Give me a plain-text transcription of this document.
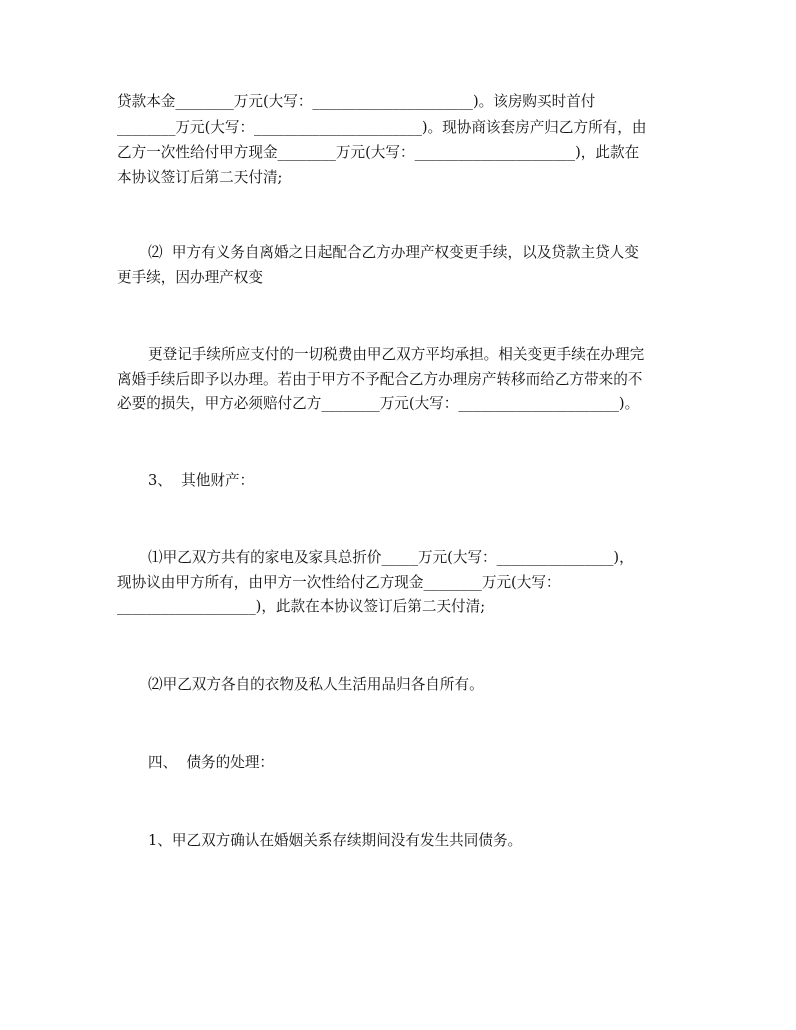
贷款本金________万元(大写：______________________)。该房购买时首付
________万元(大写：_______________________)。现协商该套房产归乙方所有，由
乙方一次性给付甲方现金________万元(大写：______________________)，此款在
本协议签订后第二天付清;
⑵  甲方有义务自离婚之日起配合乙方办理产权变更手续，以及贷款主贷人变
更手续，因办理产权变
更登记手续所应支付的一切税费由甲乙双方平均承担。相关变更手续在办理完
离婚手续后即予以办理。若由于甲方不予配合乙方办理房产转移而给乙方带来的不
必要的损失，甲方必须赔付乙方________万元(大写：______________________)。
3、  其他财产：
⑴甲乙双方共有的家电及家具总折价_____万元(大写：________________)，
现协议由甲方所有，由甲方一次性给付乙方现金________万元(大写：
___________________)，此款在本协议签订后第二天付清;
⑵甲乙双方各自的衣物及私人生活用品归各自所有。
四、  债务的处理：
1、甲乙双方确认在婚姻关系存续期间没有发生共同债务。
